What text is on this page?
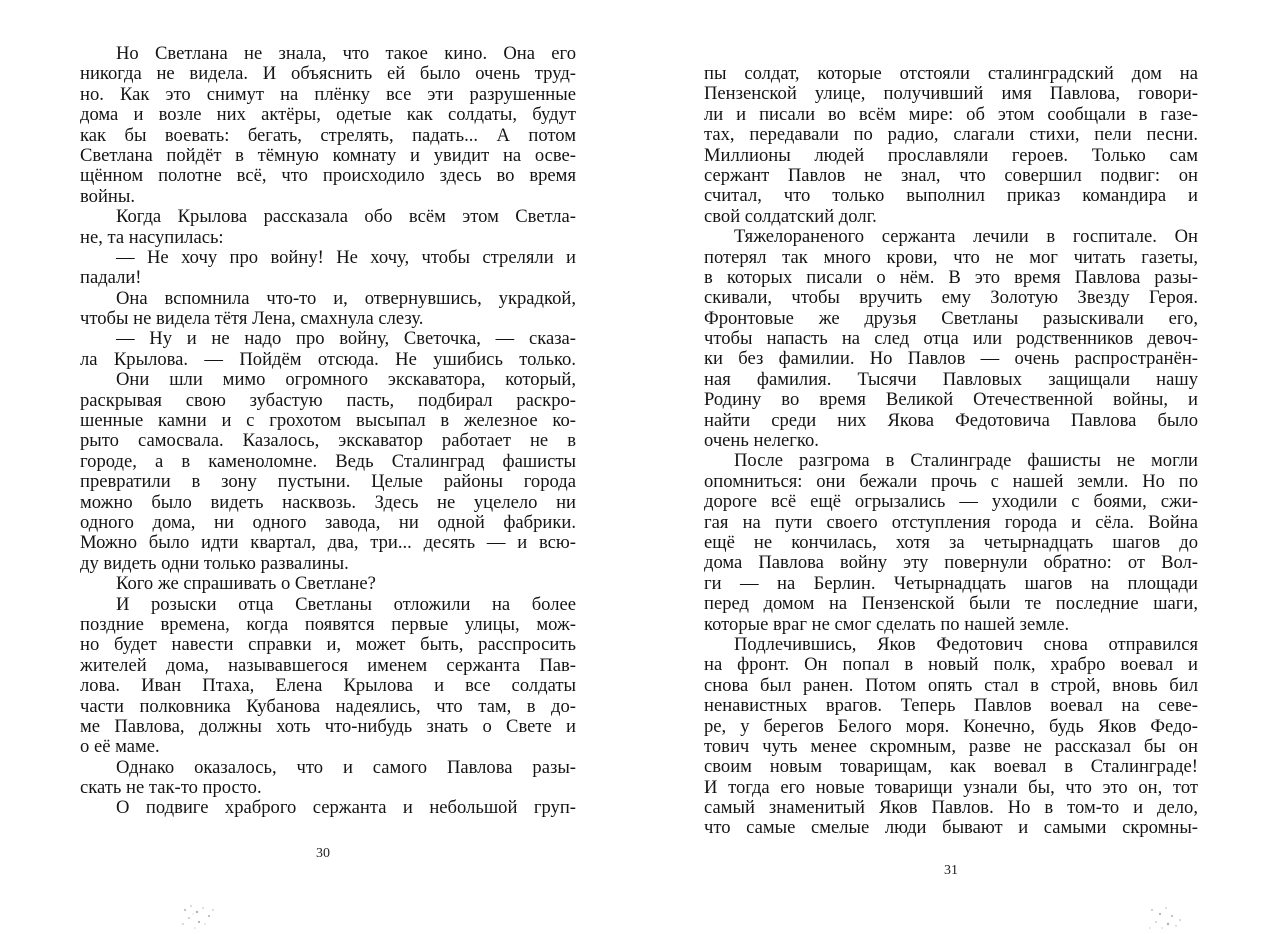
Но Светлана не знала, что такое кино. Она его
никогда не видела. И объяснить ей было очень труд-
но. Как это снимут на плёнку все эти разрушенные
дома и возле них актёры, одетые как солдаты, будут
как бы воевать: бегать, стрелять, падать... А потом
Светлана пойдёт в тёмную комнату и увидит на осве-
щённом полотне всё, что происходило здесь во время
войны.
Когда Крылова рассказала обо всём этом Светла-
не, та насупилась:
— Не хочу про войну! Не хочу, чтобы стреляли и
падали!
Она вспомнила что-то и, отвернувшись, украдкой,
чтобы не видела тётя Лена, смахнула слезу.
— Ну и не надо про войну, Светочка, — сказа-
ла Крылова. — Пойдём отсюда. Не ушибись только.
Они шли мимо огромного экскаватора, который,
раскрывая свою зубастую пасть, подбирал раскро-
шенные камни и с грохотом высыпал в железное ко-
рыто самосвала. Казалось, экскаватор работает не в
городе, а в каменоломне. Ведь Сталинград фашисты
превратили в зону пустыни. Целые районы города
можно было видеть насквозь. Здесь не уцелело ни
одного дома, ни одного завода, ни одной фабрики.
Можно было идти квартал, два, три... десять — и всю-
ду видеть одни только развалины.
Кого же спрашивать о Светлане?
И розыски отца Светланы отложили на более
поздние времена, когда появятся первые улицы, мож-
но будет навести справки и, может быть, расспросить
жителей дома, называвшегося именем сержанта Пав-
лова. Иван Птаха, Елена Крылова и все солдаты
части полковника Кубанова надеялись, что там, в до-
ме Павлова, должны хоть что-нибудь знать о Свете и
о её маме.
Однако оказалось, что и самого Павлова разы-
скать не так-то просто.
О подвиге храброго сержанта и небольшой груп-
пы солдат, которые отстояли сталинградский дом на
Пензенской улице, получивший имя Павлова, говори-
ли и писали во всём мире: об этом сообщали в газе-
тах, передавали по радио, слагали стихи, пели песни.
Миллионы людей прославляли героев. Только сам
сержант Павлов не знал, что совершил подвиг: он
считал, что только выполнил приказ командира и
свой солдатский долг.
Тяжелораненого сержанта лечили в госпитале. Он
потерял так много крови, что не мог читать газеты,
в которых писали о нём. В это время Павлова разы-
скивали, чтобы вручить ему Золотую Звезду Героя.
Фронтовые же друзья Светланы разыскивали его,
чтобы напасть на след отца или родственников девоч-
ки без фамилии. Но Павлов — очень распространён-
ная фамилия. Тысячи Павловых защищали нашу
Родину во время Великой Отечественной войны, и
найти среди них Якова Федотовича Павлова было
очень нелегко.
После разгрома в Сталинграде фашисты не могли
опомниться: они бежали прочь с нашей земли. Но по
дороге всё ещё огрызались — уходили с боями, сжи-
гая на пути своего отступления города и сёла. Война
ещё не кончилась, хотя за четырнадцать шагов до
дома Павлова войну эту повернули обратно: от Вол-
ги — на Берлин. Четырнадцать шагов на площади
перед домом на Пензенской были те последние шаги,
которые враг не смог сделать по нашей земле.
Подлечившись, Яков Федотович снова отправился
на фронт. Он попал в новый полк, храбро воевал и
снова был ранен. Потом опять стал в строй, вновь бил
ненавистных врагов. Теперь Павлов воевал на севе-
ре, у берегов Белого моря. Конечно, будь Яков Федо-
тович чуть менее скромным, разве не рассказал бы он
своим новым товарищам, как воевал в Сталинграде!
И тогда его новые товарищи узнали бы, что это он, тот
самый знаменитый Яков Павлов. Но в том-то и дело,
что самые смелые люди бывают и самыми скромны-
30
31
